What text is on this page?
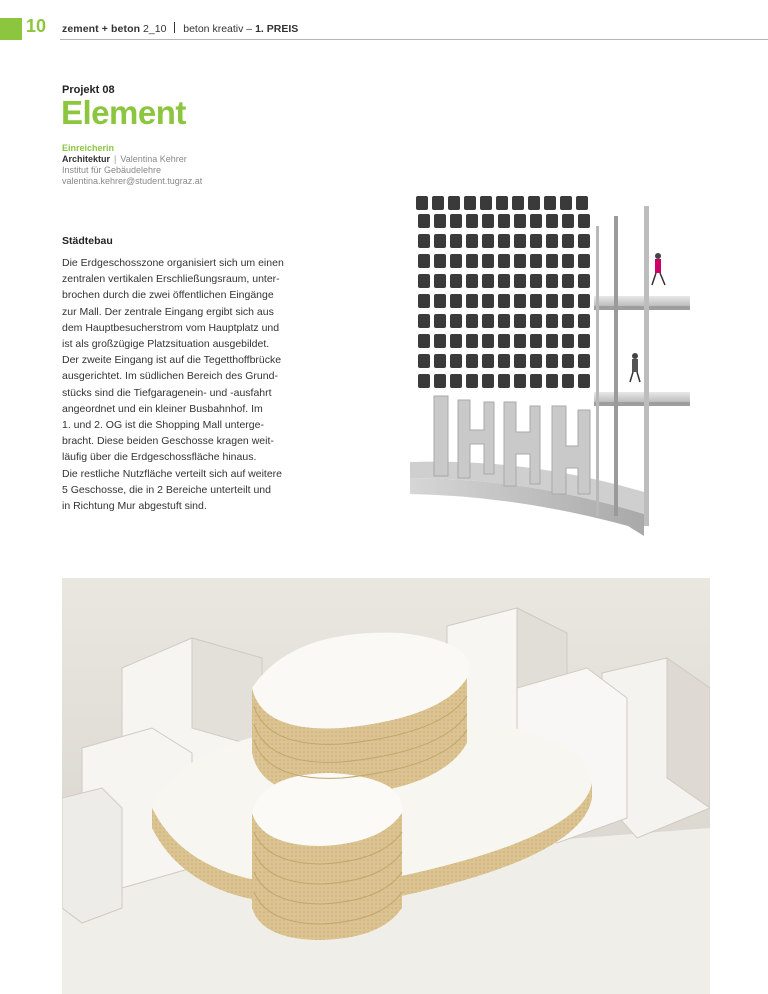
10 zement + beton 2_10 beton kreativ – 1. PREIS
Projekt 08
Element
Einreicherin
Architektur | Valentina Kehrer
Institut für Gebäudelehre
valentina.kehrer@student.tugraz.at
Städtebau
Die Erdgeschosszone organisiert sich um einen
zentralen vertikalen Erschließungsraum, unter-
brochen durch die zwei öffentlichen Eingänge
zur Mall. Der zentrale Eingang ergibt sich aus
dem Hauptbesucherstrom vom Hauptplatz und
ist als großzügige Platzsituation ausgebildet.
Der zweite Eingang ist auf die Tegetthoffbrücke
ausgerichtet. Im südlichen Bereich des Grund-
stücks sind die Tiefgaragenein- und -ausfahrt
angeordnet und ein kleiner Busbahnhof. Im
1. und 2. OG ist die Shopping Mall unterge-
bracht. Diese beiden Geschosse kragen weit-
läufig über die Erdgeschossfläche hinaus.
Die restliche Nutzfläche verteilt sich auf weitere
5 Geschosse, die in 2 Bereiche unterteilt und
in Richtung Mur abgestuft sind.
